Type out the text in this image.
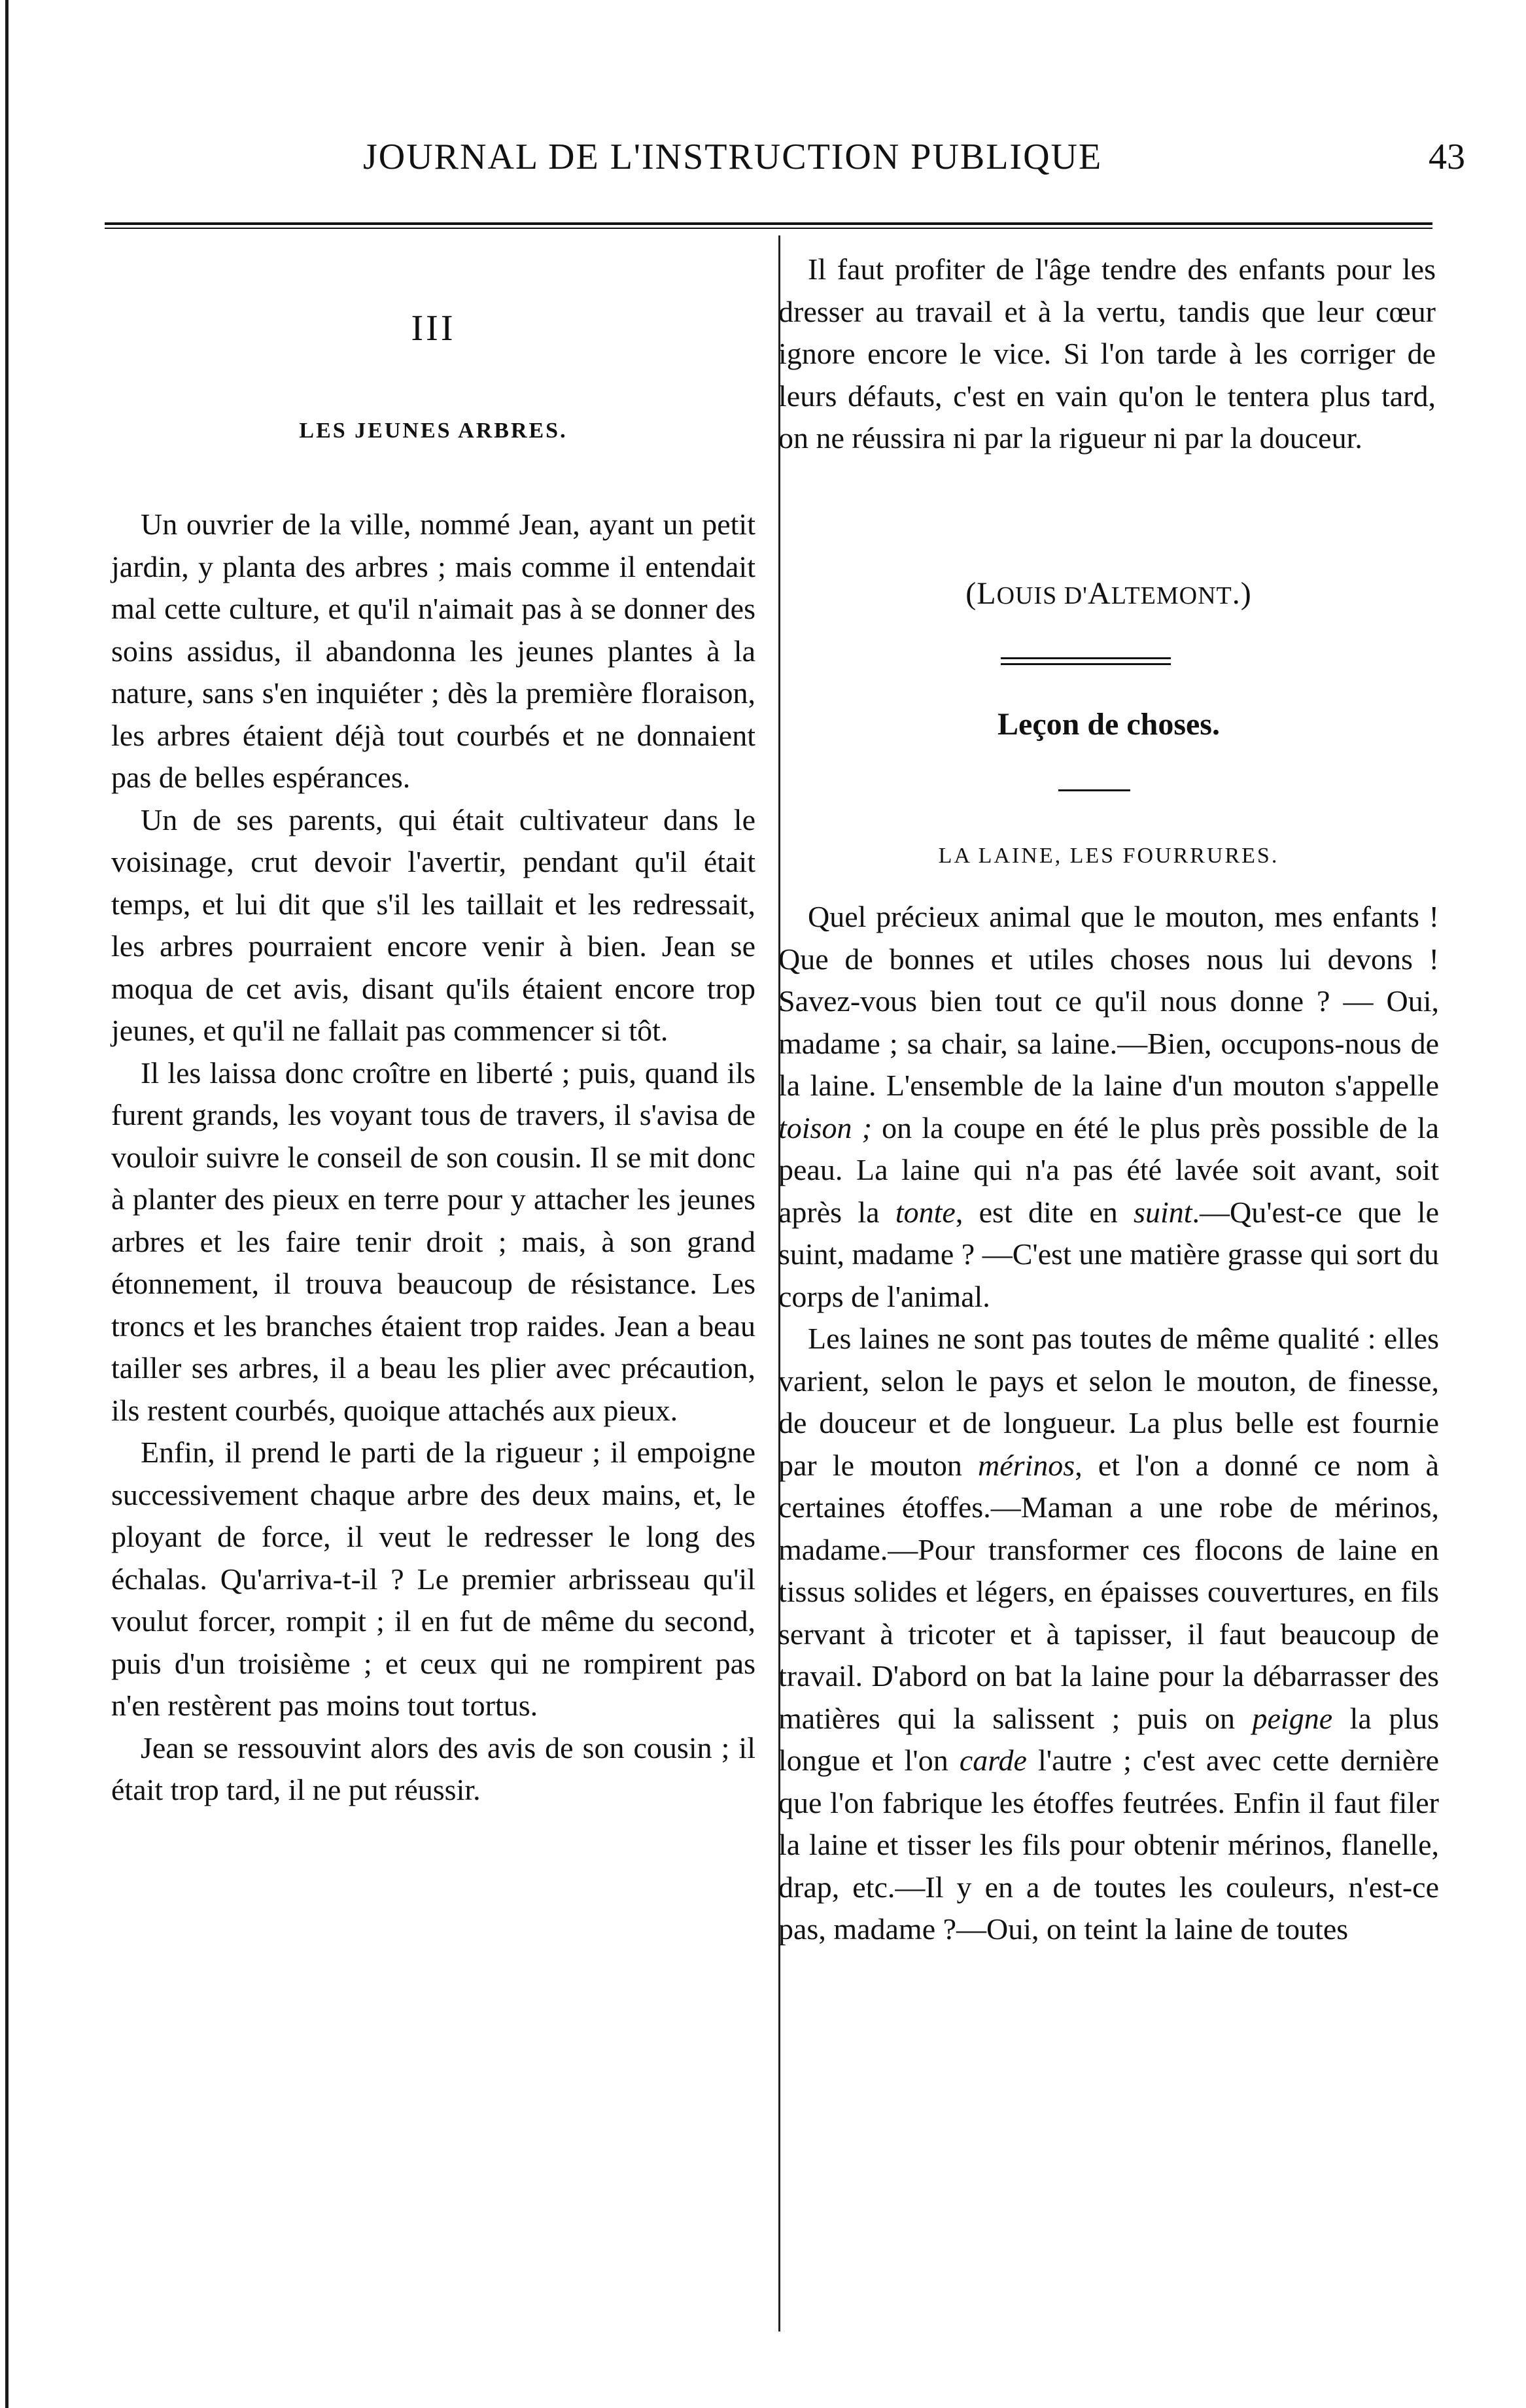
JOURNAL DE L'INSTRUCTION PUBLIQUE	43
III
LES JEUNES ARBRES.

Un ouvrier de la ville, nommé Jean, ayant un petit jardin, y planta des arbres ; mais comme il entendait mal cette culture, et qu'il n'aimait pas à se donner des soins assidus, il abandonna les jeunes plantes à la nature, sans s'en inquiéter ; dès la première floraison, les arbres étaient déjà tout courbés et ne donnaient pas de belles espérances.

Un de ses parents, qui était cultivateur dans le voisinage, crut devoir l'avertir, pendant qu'il était temps, et lui dit que s'il les taillait et les redressait, les arbres pourraient encore venir à bien. Jean se moqua de cet avis, disant qu'ils étaient encore trop jeunes, et qu'il ne fallait pas commencer si tôt.

Il les laissa donc croître en liberté ; puis, quand ils furent grands, les voyant tous de travers, il s'avisa de vouloir suivre le conseil de son cousin. Il se mit donc à planter des pieux en terre pour y attacher les jeunes arbres et les faire tenir droit ; mais, à son grand étonnement, il trouva beaucoup de résistance. Les troncs et les branches étaient trop raides. Jean a beau tailler ses arbres, il a beau les plier avec précaution, ils restent courbés, quoique attachés aux pieux.

Enfin, il prend le parti de la rigueur ; il empoigne successivement chaque arbre des deux mains, et, le ployant de force, il veut le redresser le long des échalas. Qu'arriva-t-il ? Le premier arbrisseau qu'il voulut forcer, rompit ; il en fut de même du second, puis d'un troisième ; et ceux qui ne rompirent pas n'en restèrent pas moins tout tortus.

Jean se ressouvint alors des avis de son cousin ; il était trop tard, il ne put réussir.

Il faut profiter de l'âge tendre des enfants pour les dresser au travail et à la vertu, tandis que leur cœur ignore encore le vice. Si l'on tarde à les corriger de leurs défauts, c'est en vain qu'on le tentera plus tard, on ne réussira ni par la rigueur ni par la douceur.

(LOUIS D'ALTEMONT.)
Leçon de choses.
LA LAINE, LES FOURRURES.

Quel précieux animal que le mouton, mes enfants ! Que de bonnes et utiles choses nous lui devons ! Savez-vous bien tout ce qu'il nous donne ? — Oui, madame ; sa chair, sa laine.—Bien, occupons-nous de la laine. L'ensemble de la laine d'un mouton s'appelle toison ; on la coupe en été le plus près possible de la peau. La laine qui n'a pas été lavée soit avant, soit après la tonte, est dite en suint.—Qu'est-ce que le suint, madame ? —C'est une matière grasse qui sort du corps de l'animal.

Les laines ne sont pas toutes de même qualité : elles varient, selon le pays et selon le mouton, de finesse, de douceur et de longueur. La plus belle est fournie par le mouton mérinos, et l'on a donné ce nom à certaines étoffes.—Maman a une robe de mérinos, madame.—Pour transformer ces flocons de laine en tissus solides et légers, en épaisses couvertures, en fils servant à tricoter et à tapisser, il faut beaucoup de travail. D'abord on bat la laine pour la débarrasser des matières qui la salissent ; puis on peigne la plus longue et l'on carde l'autre ; c'est avec cette dernière que l'on fabrique les étoffes feutrées. Enfin il faut filer la laine et tisser les fils pour obtenir mérinos, flanelle, drap, etc.—Il y en a de toutes les couleurs, n'est-ce pas, madame ?—Oui, on teint la laine de toutes
